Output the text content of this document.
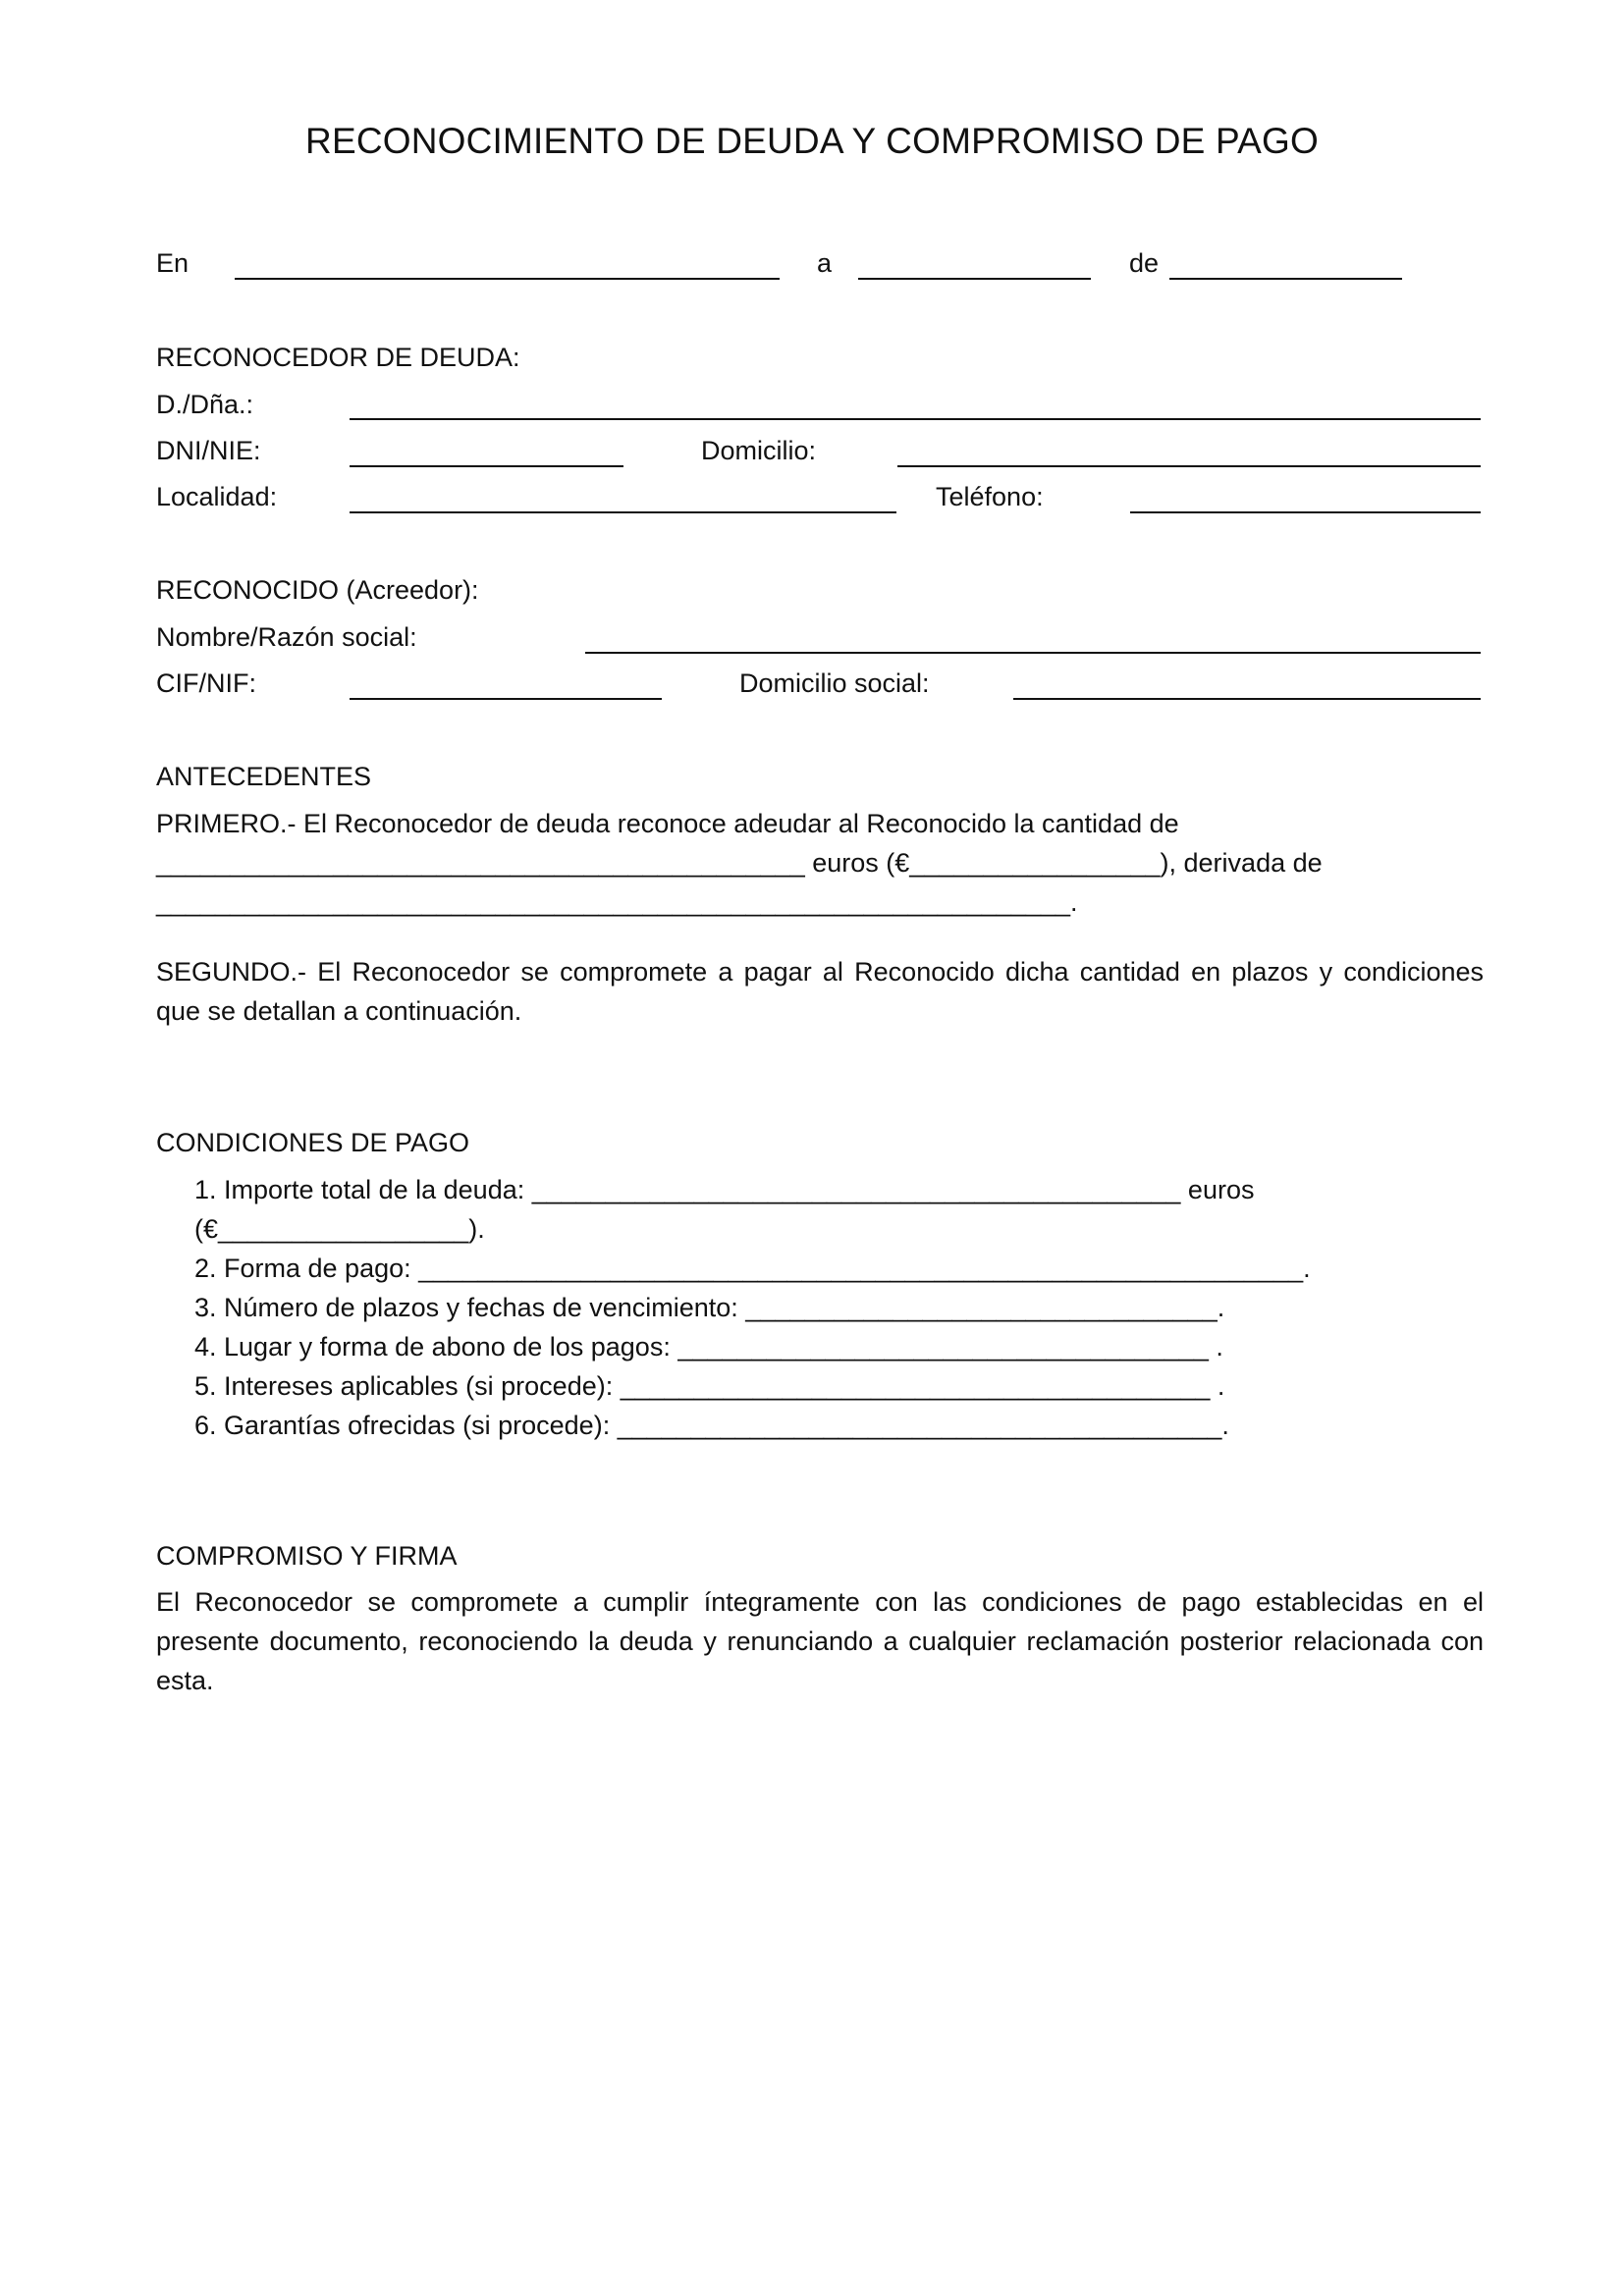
RECONOCIMIENTO DE DEUDA Y COMPROMISO DE PAGO
En	a	de
RECONOCEDOR DE DEUDA:
D./Dña.:
DNI/NIE:	Domicilio:
Localidad:	Teléfono:
RECONOCIDO (Acreedor):
Nombre/Razón social:
CIF/NIF:	Domicilio social:
ANTECEDENTES
PRIMERO.- El Reconocedor de deuda reconoce adeudar al Reconocido la cantidad de
____________________________________________ euros (€_________________), derivada de
______________________________________________________________.
SEGUNDO.- El Reconocedor se compromete a pagar al Reconocido dicha cantidad en plazos y condiciones que se detallan a continuación.
CONDICIONES DE PAGO
1. Importe total de la deuda: ____________________________________________ euros
(€_________________).
2. Forma de pago: ____________________________________________________________.
3. Número de plazos y fechas de vencimiento: ________________________________.
4. Lugar y forma de abono de los pagos: ____________________________________ .
5. Intereses aplicables (si procede): ________________________________________ .
6. Garantías ofrecidas (si procede): _________________________________________.
COMPROMISO Y FIRMA
El Reconocedor se compromete a cumplir íntegramente con las condiciones de pago establecidas en el presente documento, reconociendo la deuda y renunciando a cualquier reclamación posterior relacionada con esta.
